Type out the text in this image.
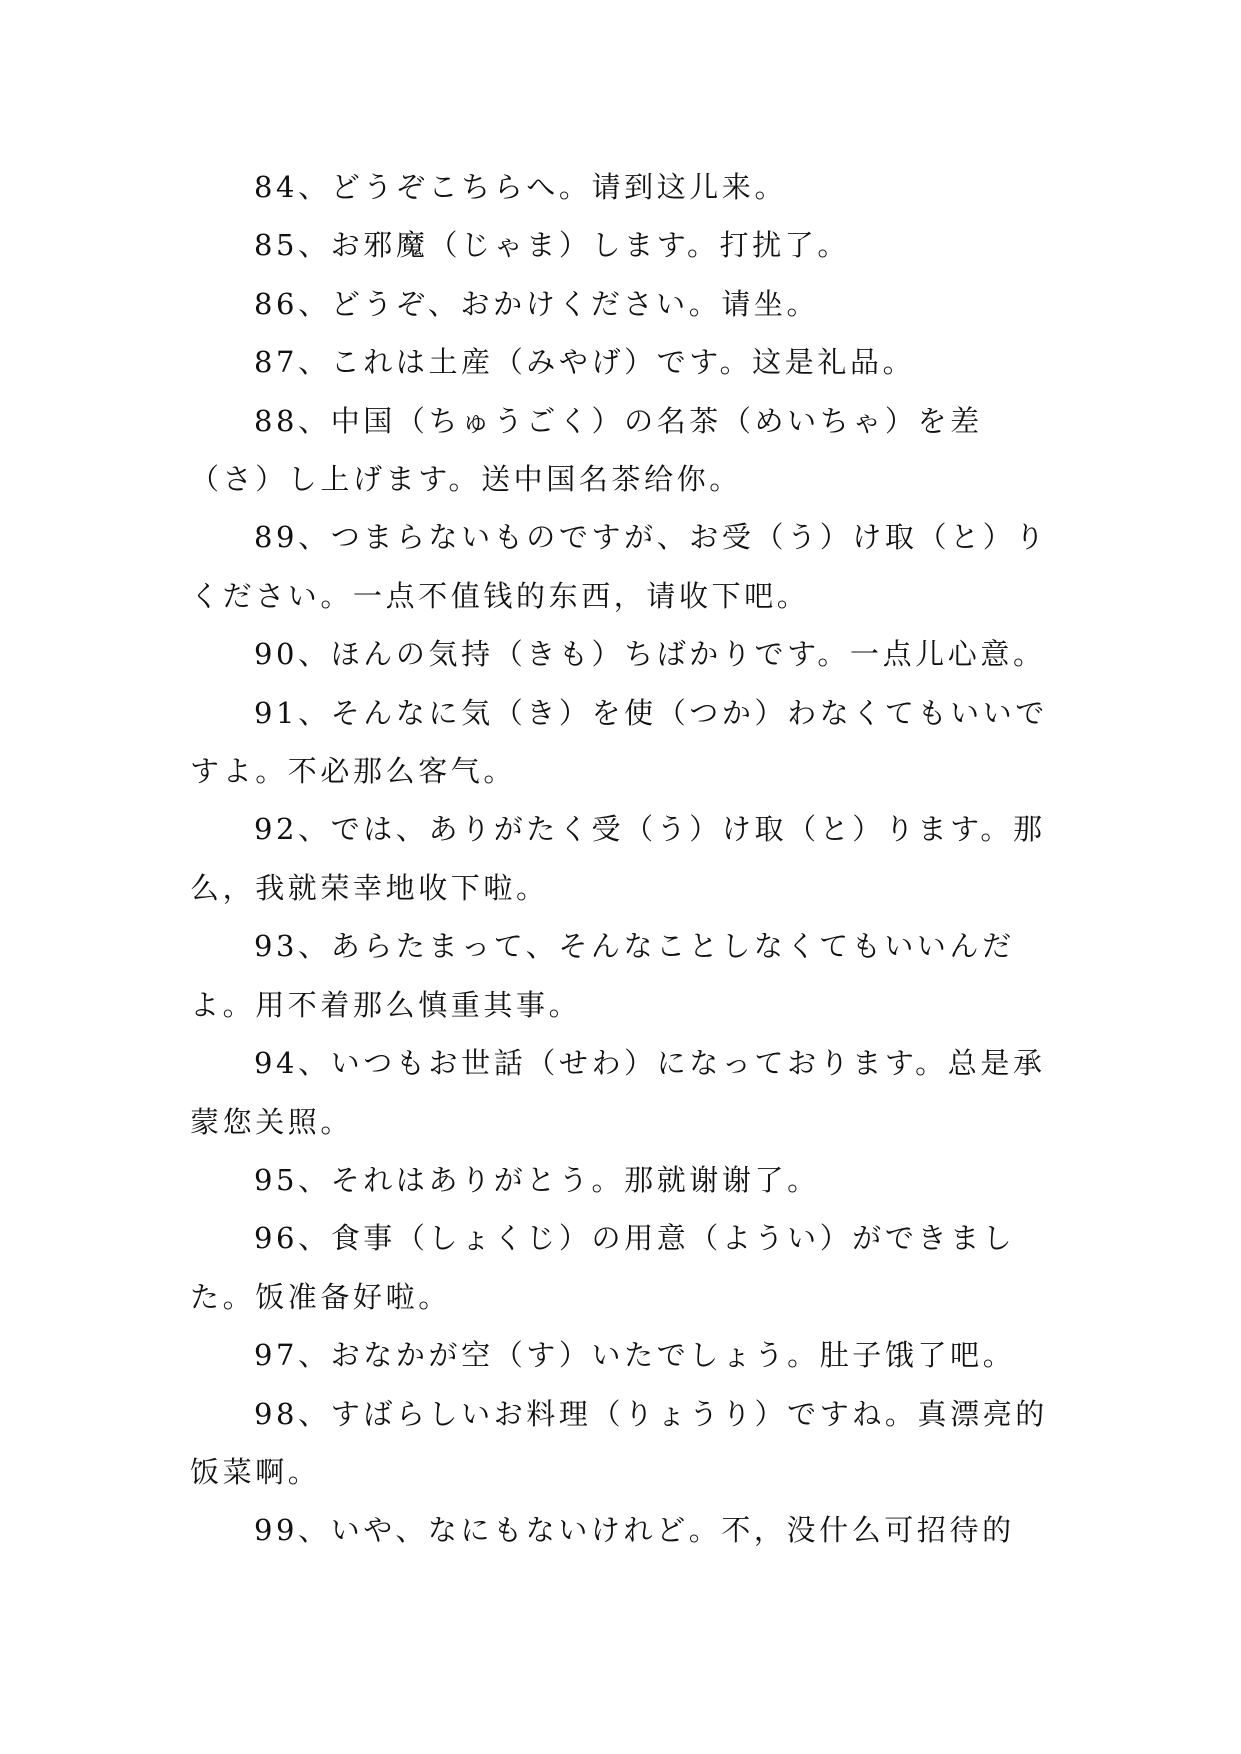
84、どうぞこちらへ。请到这儿来。

85、お邪魔（じゃま）します。打扰了。

86、どうぞ、おかけください。请坐。

87、これは土産（みやげ）です。这是礼品。

88、中国（ちゅうごく）の名茶（めいちゃ）を差（さ）し上げます。送中国名茶给你。

89、つまらないものですが、お受（う）け取（と）りください。一点不值钱的东西，请收下吧。

90、ほんの気持（きも）ちばかりです。一点儿心意。

91、そんなに気（き）を使（つか）わなくてもいいですよ。不必那么客气。

92、では、ありがたく受（う）け取（と）ります。那么，我就荣幸地收下啦。

93、あらたまって、そんなことしなくてもいいんだよ。用不着那么慎重其事。

94、いつもお世話（せわ）になっております。总是承蒙您关照。

95、それはありがとう。那就谢谢了。

96、食事（しょくじ）の用意（ようい）ができました。饭准备好啦。

97、おなかが空（す）いたでしょう。肚子饿了吧。

98、すばらしいお料理（りょうり）ですね。真漂亮的饭菜啊。

99、いや、なにもないけれど。不，没什么可招待的
